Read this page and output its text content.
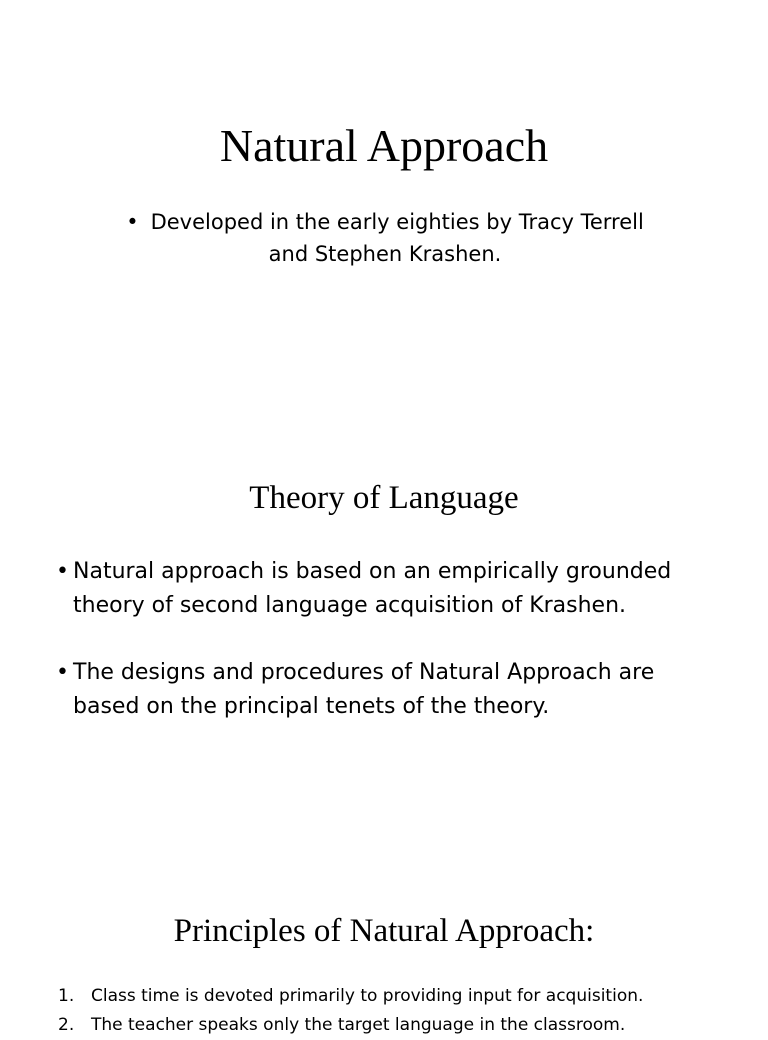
Natural Approach
• Developed in the early eighties by Tracy Terrell
and Stephen Krashen.
Theory of Language
• Natural approach is based on an empirically grounded
theory of second language acquisition of Krashen.
• The designs and procedures of Natural Approach are
based on the principal tenets of the theory.
Principles of Natural Approach:
1. Class time is devoted primarily to providing input for acquisition.
2. The teacher speaks only the target language in the classroom.
